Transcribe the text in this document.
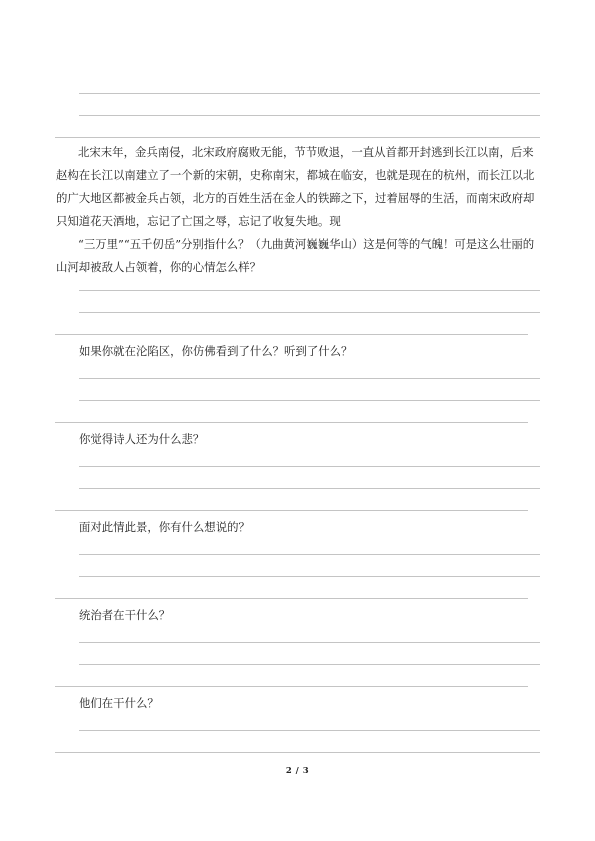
北宋末年，金兵南侵，北宋政府腐败无能，节节败退，一直从首都开封逃到长江以南，后来赵构在长江以南建立了一个新的宋朝，史称南宋，都城在临安，也就是现在的杭州，而长江以北的广大地区都被金兵占领，北方的百姓生活在金人的铁蹄之下，过着屈辱的生活，而南宋政府却只知道花天酒地，忘记了亡国之辱，忘记了收复失地。现

“三万里”“五千仞岳”分别指什么？（九曲黄河巍巍华山）这是何等的气魄！可是这么壮丽的山河却被敌人占领着，你的心情怎么样？

如果你就在沦陷区，你仿佛看到了什么？听到了什么？

你觉得诗人还为什么悲？

面对此情此景，你有什么想说的？

统治者在干什么？

他们在干什么？

2 / 3
